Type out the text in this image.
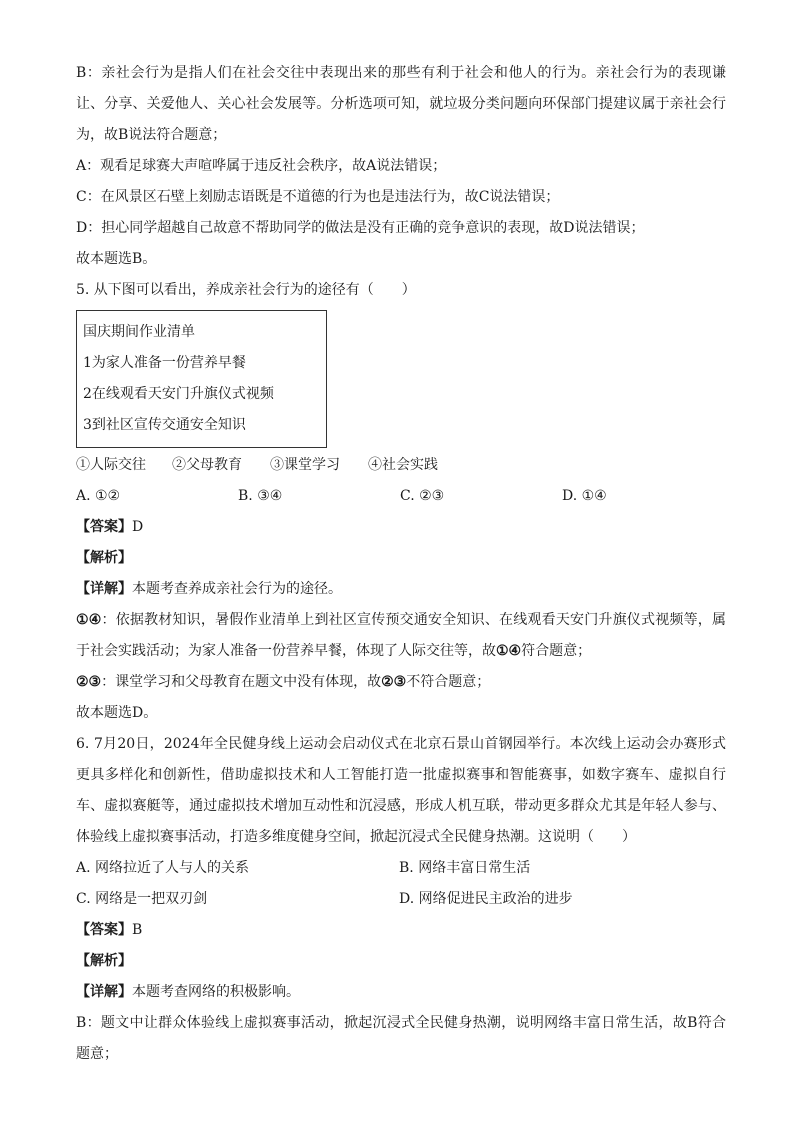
B：亲社会行为是指人们在社会交往中表现出来的那些有利于社会和他人的行为。亲社会行为的表现谦让、分享、关爱他人、关心社会发展等。分析选项可知，就垃圾分类问题向环保部门提建议属于亲社会行为，故B说法符合题意；

A：观看足球赛大声喧哗属于违反社会秩序，故A说法错误；

C：在风景区石壁上刻励志语既是不道德的行为也是违法行为，故C说法错误；

D：担心同学超越自己故意不帮助同学的做法是没有正确的竞争意识的表现，故D说法错误；

故本题选B。

5. 从下图可以看出，养成亲社会行为的途径有（　　）

国庆期间作业清单
1为家人准备一份营养早餐
2在线观看天安门升旗仪式视频
3到社区宣传交通安全知识
①人际交往	②父母教育	③课堂学习	④社会实践
A. ①②	B. ③④	C. ②③	D. ①④

【答案】D

【解析】

【详解】本题考查养成亲社会行为的途径。

①④：依据教材知识，暑假作业清单上到社区宣传预交通安全知识、在线观看天安门升旗仪式视频等，属于社会实践活动；为家人准备一份营养早餐，体现了人际交往等，故①④符合题意；

②③：课堂学习和父母教育在题文中没有体现，故②③不符合题意；

故本题选D。

6. 7月20日，2024年全民健身线上运动会启动仪式在北京石景山首钢园举行。本次线上运动会办赛形式更具多样化和创新性，借助虚拟技术和人工智能打造一批虚拟赛事和智能赛事，如数字赛车、虚拟自行车、虚拟赛艇等，通过虚拟技术增加互动性和沉浸感，形成人机互联，带动更多群众尤其是年轻人参与、体验线上虚拟赛事活动，打造多维度健身空间，掀起沉浸式全民健身热潮。这说明（　　）

A. 网络拉近了人与人的关系	B. 网络丰富日常生活
C. 网络是一把双刃剑	D. 网络促进民主政治的进步

【答案】B

【解析】

【详解】本题考查网络的积极影响。

B：题文中让群众体验线上虚拟赛事活动，掀起沉浸式全民健身热潮，说明网络丰富日常生活，故B符合题意；
